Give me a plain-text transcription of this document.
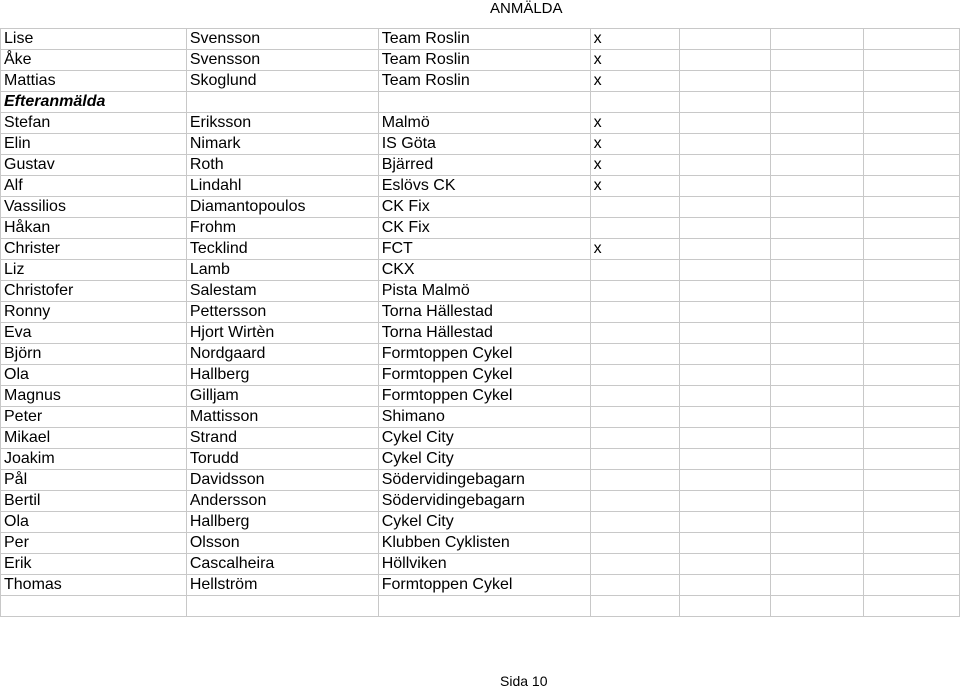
ANMÄLDA
Lise	Svensson	Team Roslin	x			
Åke	Svensson	Team Roslin	x			
Mattias	Skoglund	Team Roslin	x			
Efteranmälda						
Stefan	Eriksson	Malmö	x			
Elin	Nimark	IS Göta	x			
Gustav	Roth	Bjärred	x			
Alf	Lindahl	Eslövs CK	x			
Vassilios	Diamantopoulos	CK Fix				
Håkan	Frohm	CK Fix				
Christer	Tecklind	FCT	x			
Liz	Lamb	CKX				
Christofer	Salestam	Pista Malmö				
Ronny	Pettersson	Torna Hällestad				
Eva	Hjort Wirtèn	Torna Hällestad				
Björn	Nordgaard	Formtoppen Cykel				
Ola	Hallberg	Formtoppen Cykel				
Magnus	Gilljam	Formtoppen Cykel				
Peter	Mattisson	Shimano				
Mikael	Strand	Cykel City				
Joakim	Torudd	Cykel City				
Pål	Davidsson	Södervidingebagarn				
Bertil	Andersson	Södervidingebagarn				
Ola	Hallberg	Cykel City				
Per	Olsson	Klubben Cyklisten				
Erik	Cascalheira	Höllviken				
Thomas	Hellström	Formtoppen Cykel				

Sida 10
